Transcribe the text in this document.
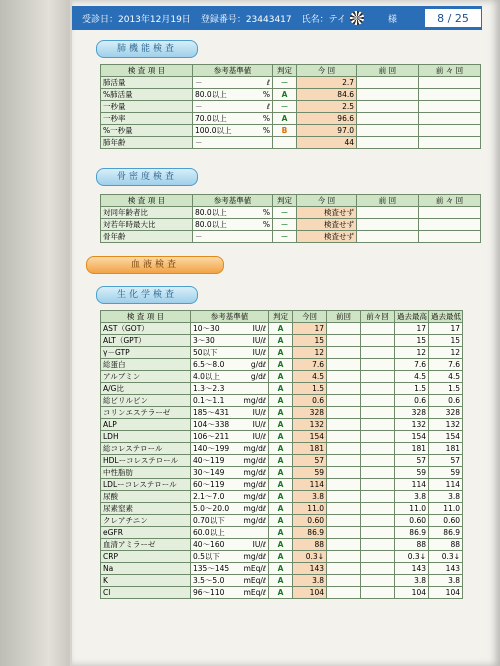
受診日：2013年12月19日 登録番号：23443417 氏名：テイ	様	8 / 25
肺機能検査
検 査 項 目	参考基準値	判定	今 回	前 回	前 々 回
肺活量	－ ℓ	－	2.7		
%肺活量	80.0以上 %	A	84.6		
一秒量	－ ℓ	－	2.5		
一秒率	70.0以上 %	A	96.6		
%一秒量	100.0以上 %	B	97.0		
肺年齢	－		44		
骨密度検査
検 査 項 目	参考基準値	判定	今 回	前 回	前 々 回
対同年齢者比	80.0以上 %	－	検査せず		
対若年時最大比	80.0以上 %	－	検査せず		
骨年齢	－	－	検査せず		
血液検査
生化学検査
検 査 項 目	参考基準値	判定	今回	前回	前々回	過去最高	過去最低
AST（GOT）	10～30 IU/ℓ	A	17			17	17
ALT（GPT）	3～30 IU/ℓ	A	15			15	15
γ－GTP	50以下 IU/ℓ	A	12			12	12
総蛋白	6.5～8.0 g/dℓ	A	7.6			7.6	7.6
アルブミン	4.0以上 g/dℓ	A	4.5			4.5	4.5
A/G比	1.3～2.3	A	1.5			1.5	1.5
総ビリルビン	0.1～1.1 mg/dℓ	A	0.6			0.6	0.6
コリンエステラーゼ	185～431 IU/ℓ	A	328			328	328
ALP	104～338 IU/ℓ	A	132			132	132
LDH	106～211 IU/ℓ	A	154			154	154
総コレステロール	140～199 mg/dℓ	A	181			181	181
HDLーコレステロール	40～119 mg/dℓ	A	57			57	57
中性脂肪	30～149 mg/dℓ	A	59			59	59
LDLーコレステロール	60～119 mg/dℓ	A	114			114	114
尿酸	2.1～7.0 mg/dℓ	A	3.8			3.8	3.8
尿素窒素	5.0～20.0 mg/dℓ	A	11.0			11.0	11.0
クレアチニン	0.70以下 mg/dℓ	A	0.60			0.60	0.60
eGFR	60.0以上	A	86.9			86.9	86.9
血清アミラーゼ	40～160 IU/ℓ	A	88			88	88
CRP	0.5以下 mg/dℓ	A	0.3↓			0.3↓	0.3↓
Na	135～145 mEq/ℓ	A	143			143	143
K	3.5～5.0 mEq/ℓ	A	3.8			3.8	3.8
Cl	96～110 mEq/ℓ	A	104			104	104
